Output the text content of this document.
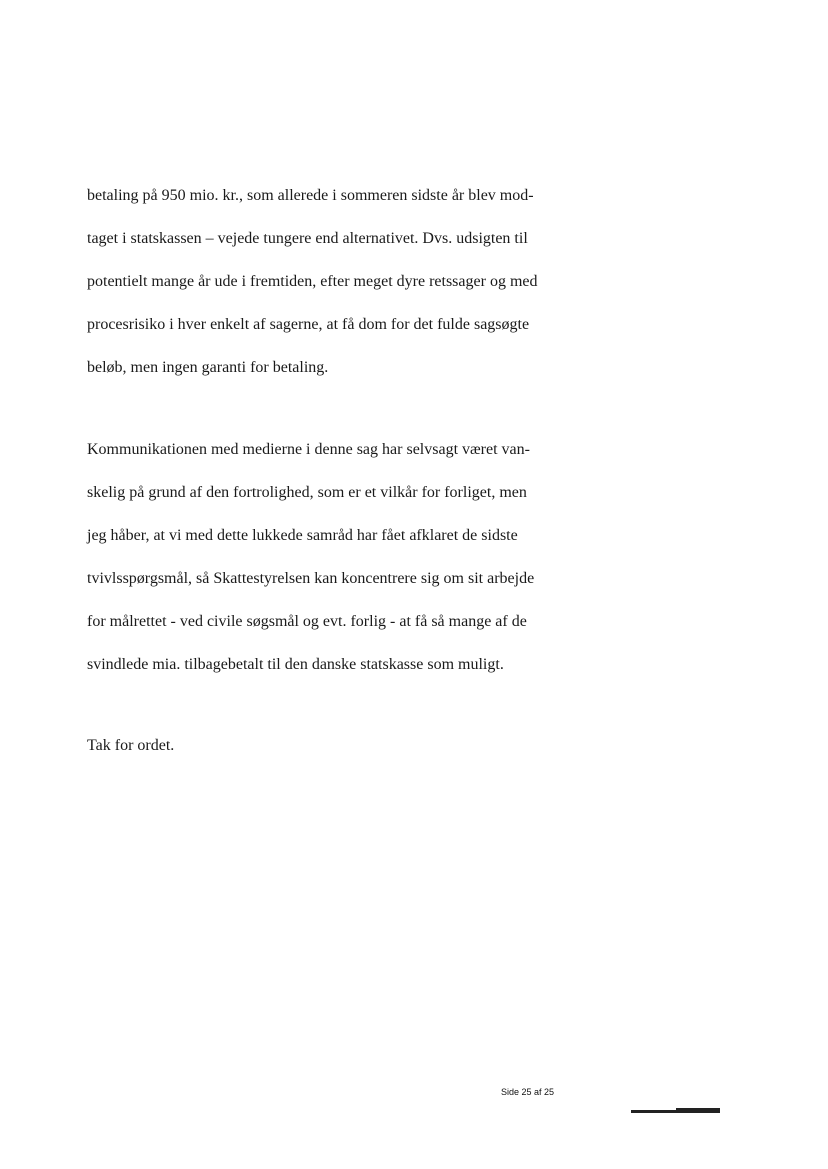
betaling på 950 mio. kr., som allerede i sommeren sidste år blev mod-
taget i statskassen – vejede tungere end alternativet. Dvs. udsigten til
potentielt mange år ude i fremtiden, efter meget dyre retssager og med
procesrisiko i hver enkelt af sagerne, at få dom for det fulde sagsøgte
beløb, men ingen garanti for betaling.
Kommunikationen med medierne i denne sag har selvsagt været van-
skelig på grund af den fortrolighed, som er et vilkår for forliget, men
jeg håber, at vi med dette lukkede samråd har fået afklaret de sidste
tvivlsspørgsmål, så Skattestyrelsen kan koncentrere sig om sit arbejde
for målrettet - ved civile søgsmål og evt. forlig - at få så mange af de
svindlede mia. tilbagebetalt til den danske statskasse som muligt.
Tak for ordet.
Side 25 af 25
